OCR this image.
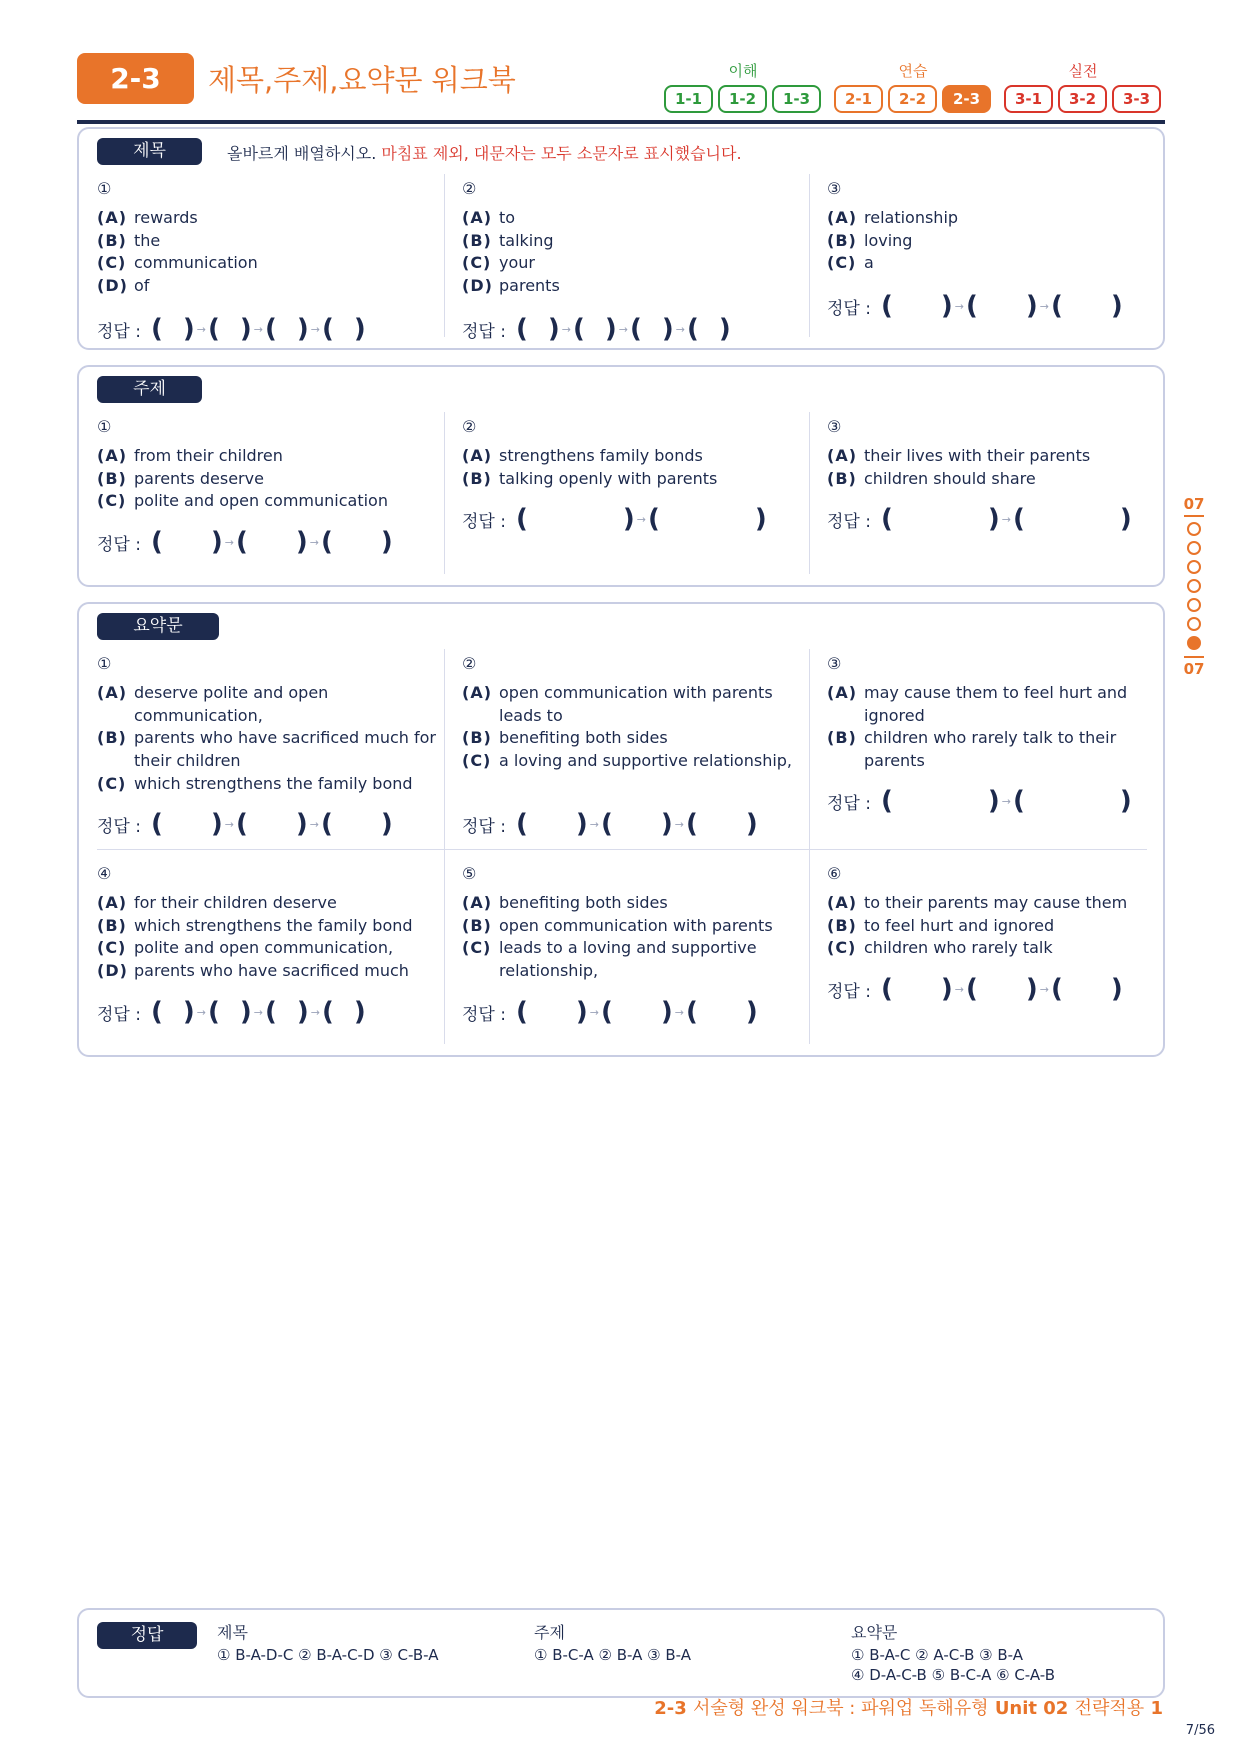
2-3	제목,주제,요약문 워크북	이해	연습	실전
1-1	1-2	1-3	2-1	2-2	2-3	3-1	3-2	3-3
제목	올바르게 배열하시오. 마침표 제외, 대문자는 모두 소문자로 표시했습니다.
①
(A) rewards
(B) the
(C) communication
(D) of
정답 : ( ) → ( ) → ( ) → ( )
②
(A) to
(B) talking
(C) your
(D) parents
정답 : ( ) → ( ) → ( ) → ( )
③
(A) relationship
(B) loving
(C) a
정답 : ( ) → ( ) → ( )
주제
①
(A) from their children
(B) parents deserve
(C) polite and open communication
정답 : ( ) → ( ) → ( )
②
(A) strengthens family bonds
(B) talking openly with parents
정답 : (	) → (	)
③
(A) their lives with their parents
(B) children should share
정답 : (	) → (	)
요약문
①
(A) deserve polite and open communication,
(B) parents who have sacrificed much for their children
(C) which strengthens the family bond
정답 : ( ) → ( ) → ( )
②
(A) open communication with parents leads to
(B) benefiting both sides
(C) a loving and supportive relationship,
정답 : ( ) → ( ) → ( )
③
(A) may cause them to feel hurt and ignored
(B) children who rarely talk to their parents
정답 : (	) → (	)
④
(A) for their children deserve
(B) which strengthens the family bond
(C) polite and open communication,
(D) parents who have sacrificed much
정답 : ( ) → ( ) → ( ) → ( )
⑤
(A) benefiting both sides
(B) open communication with parents
(C) leads to a loving and supportive relationship,
정답 : ( ) → ( ) → ( )
⑥
(A) to their parents may cause them
(B) to feel hurt and ignored
(C) children who rarely talk
정답 : ( ) → ( ) → ( )
07
07
정답	제목
① B-A-D-C ② B-A-C-D ③ C-B-A
주제
① B-C-A ② B-A ③ B-A
요약문
① B-A-C ② A-C-B ③ B-A
④ D-A-C-B ⑤ B-C-A ⑥ C-A-B
2-3 서술형 완성 워크북 : 파워업 독해유형 Unit 02 전략적용 1
7/56
